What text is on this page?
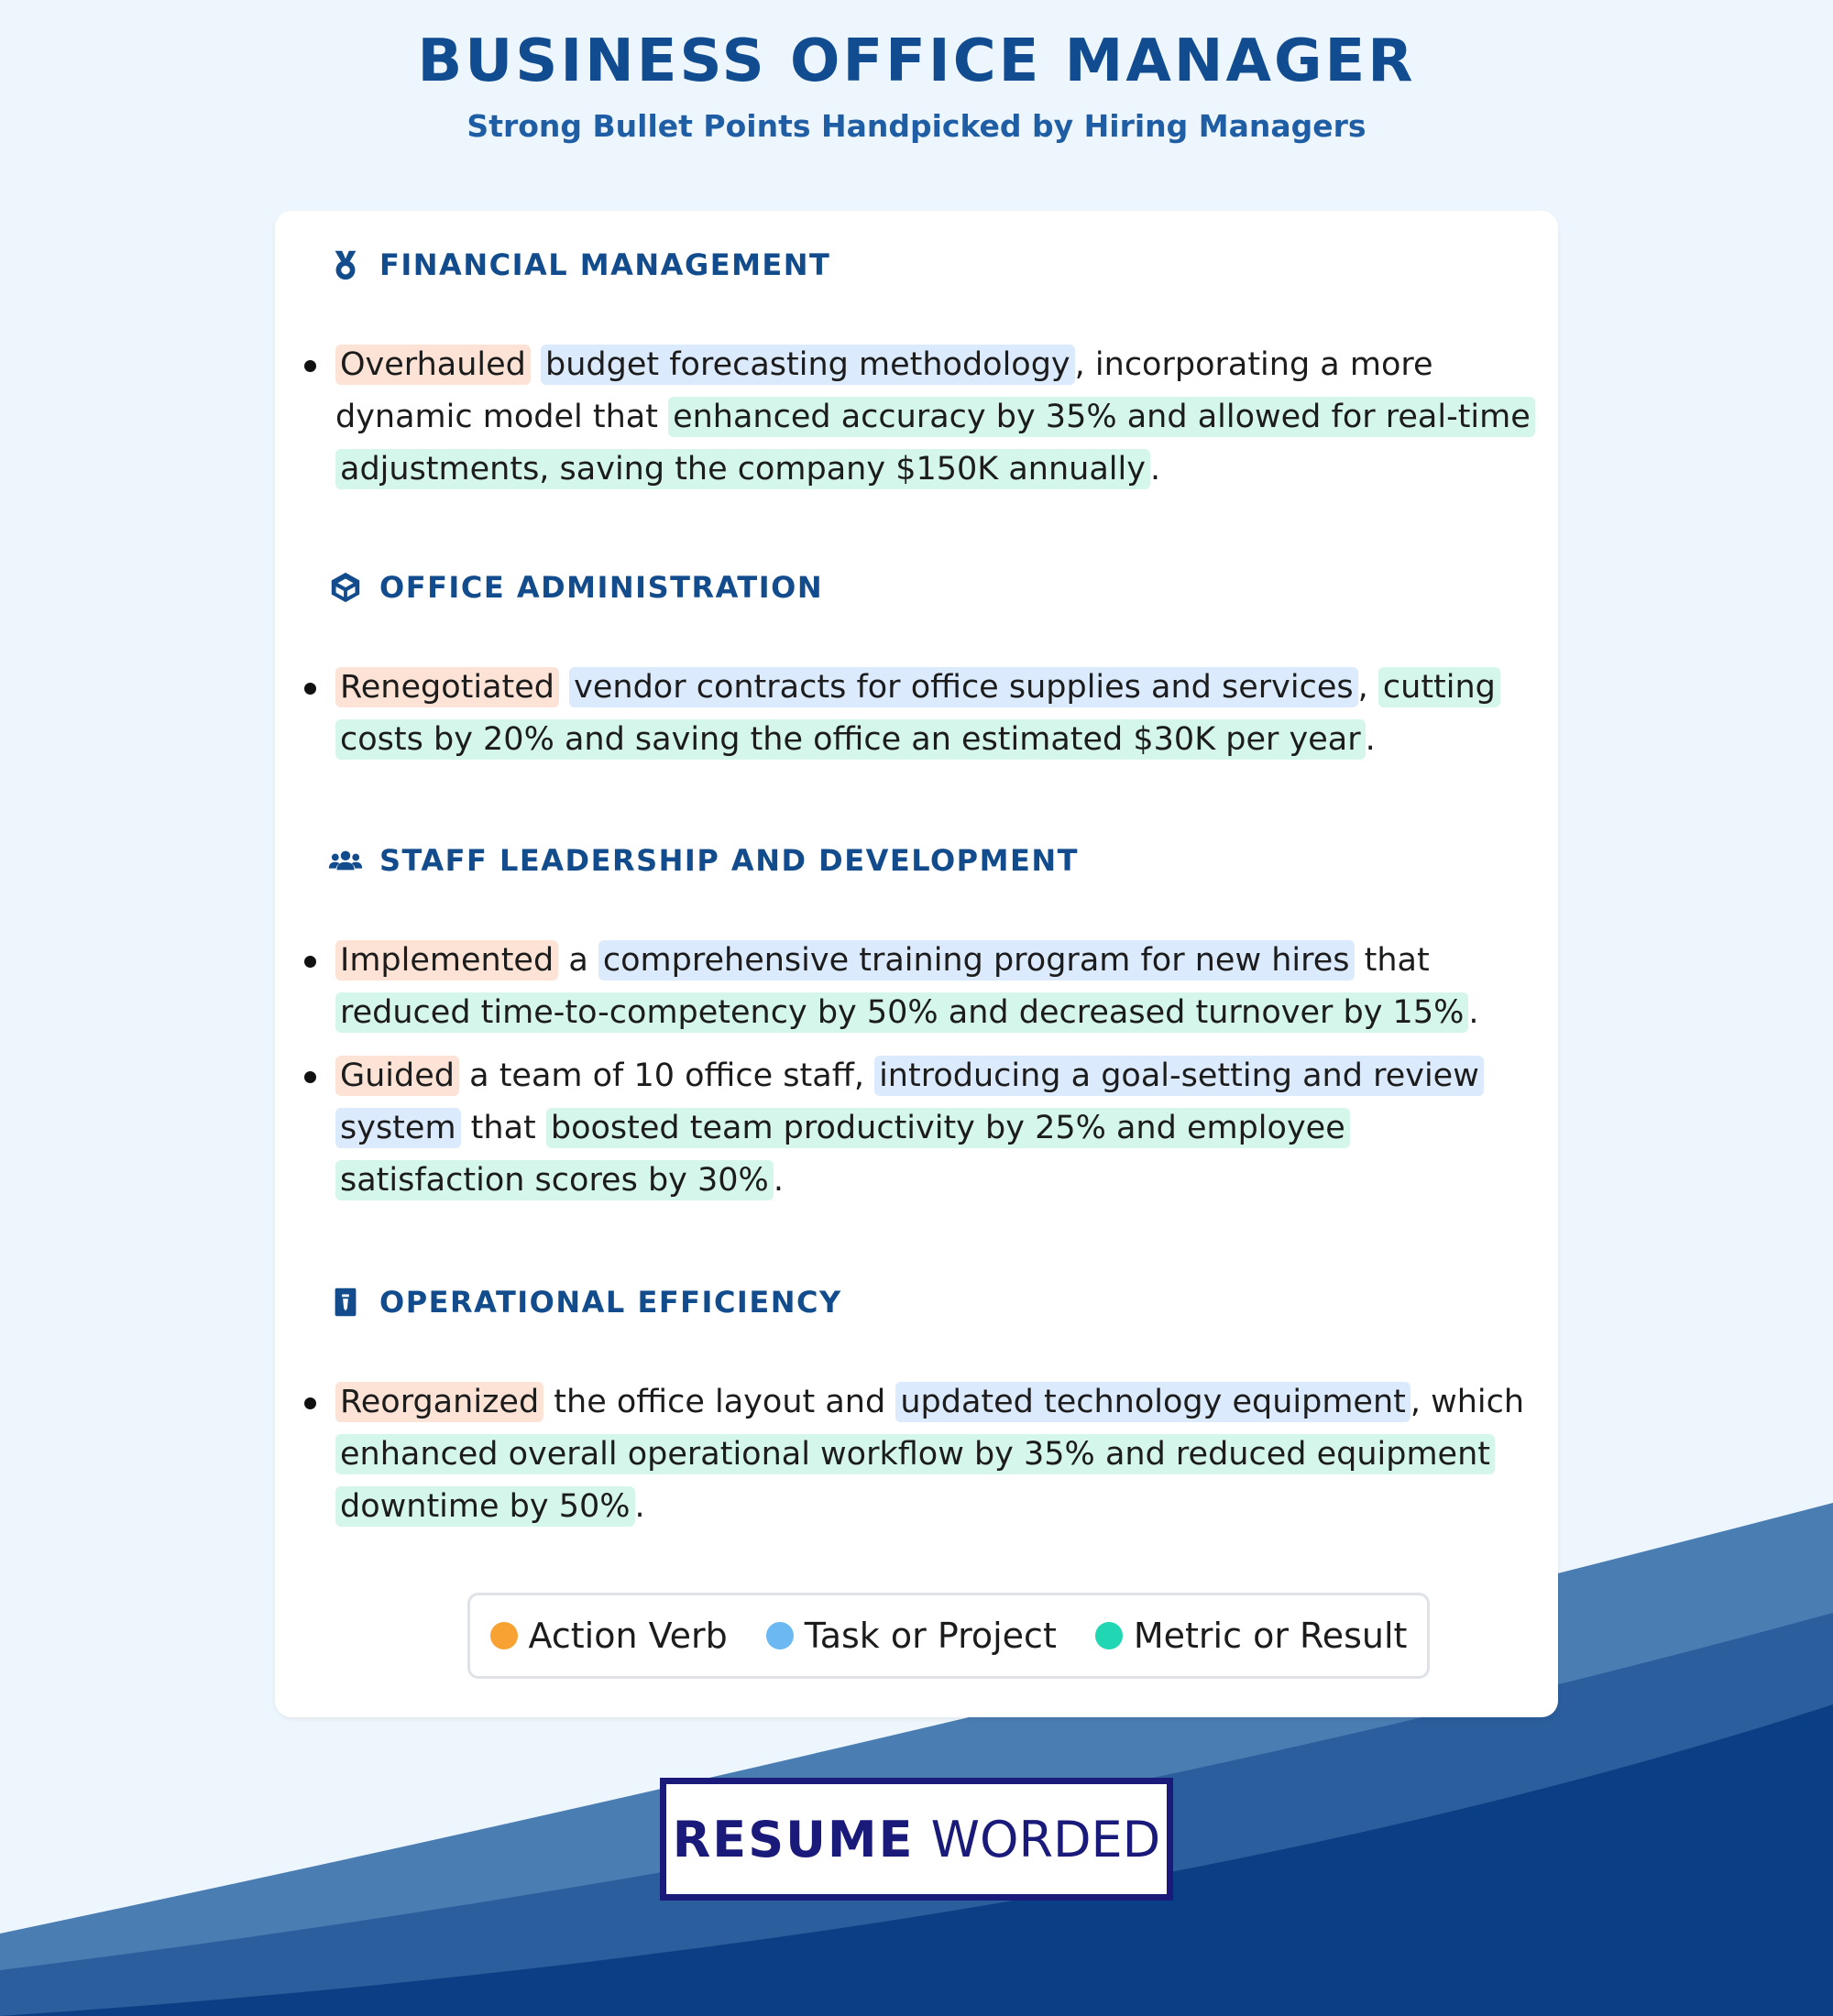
BUSINESS OFFICE MANAGER

Strong Bullet Points Handpicked by Hiring Managers

FINANCIAL MANAGEMENT
Overhauled budget forecasting methodology , incorporating a more dynamic model that enhanced accuracy by 35% and allowed for real-time adjustments, saving the company $150K annually .
OFFICE ADMINISTRATION
Renegotiated vendor contracts for office supplies and services , cutting costs by 20% and saving the office an estimated $30K per year .
STAFF LEADERSHIP AND DEVELOPMENT
Implemented a comprehensive training program for new hires that reduced time-to-competency by 50% and decreased turnover by 15% .
Guided a team of 10 office staff, introducing a goal-setting and review system that boosted team productivity by 25% and employee satisfaction scores by 30% .
OPERATIONAL EFFICIENCY
Reorganized the office layout and updated technology equipment , which enhanced overall operational workflow by 35% and reduced equipment downtime by 50% .
Action Verb Task or Project Metric or Result
RESUME WORDED
